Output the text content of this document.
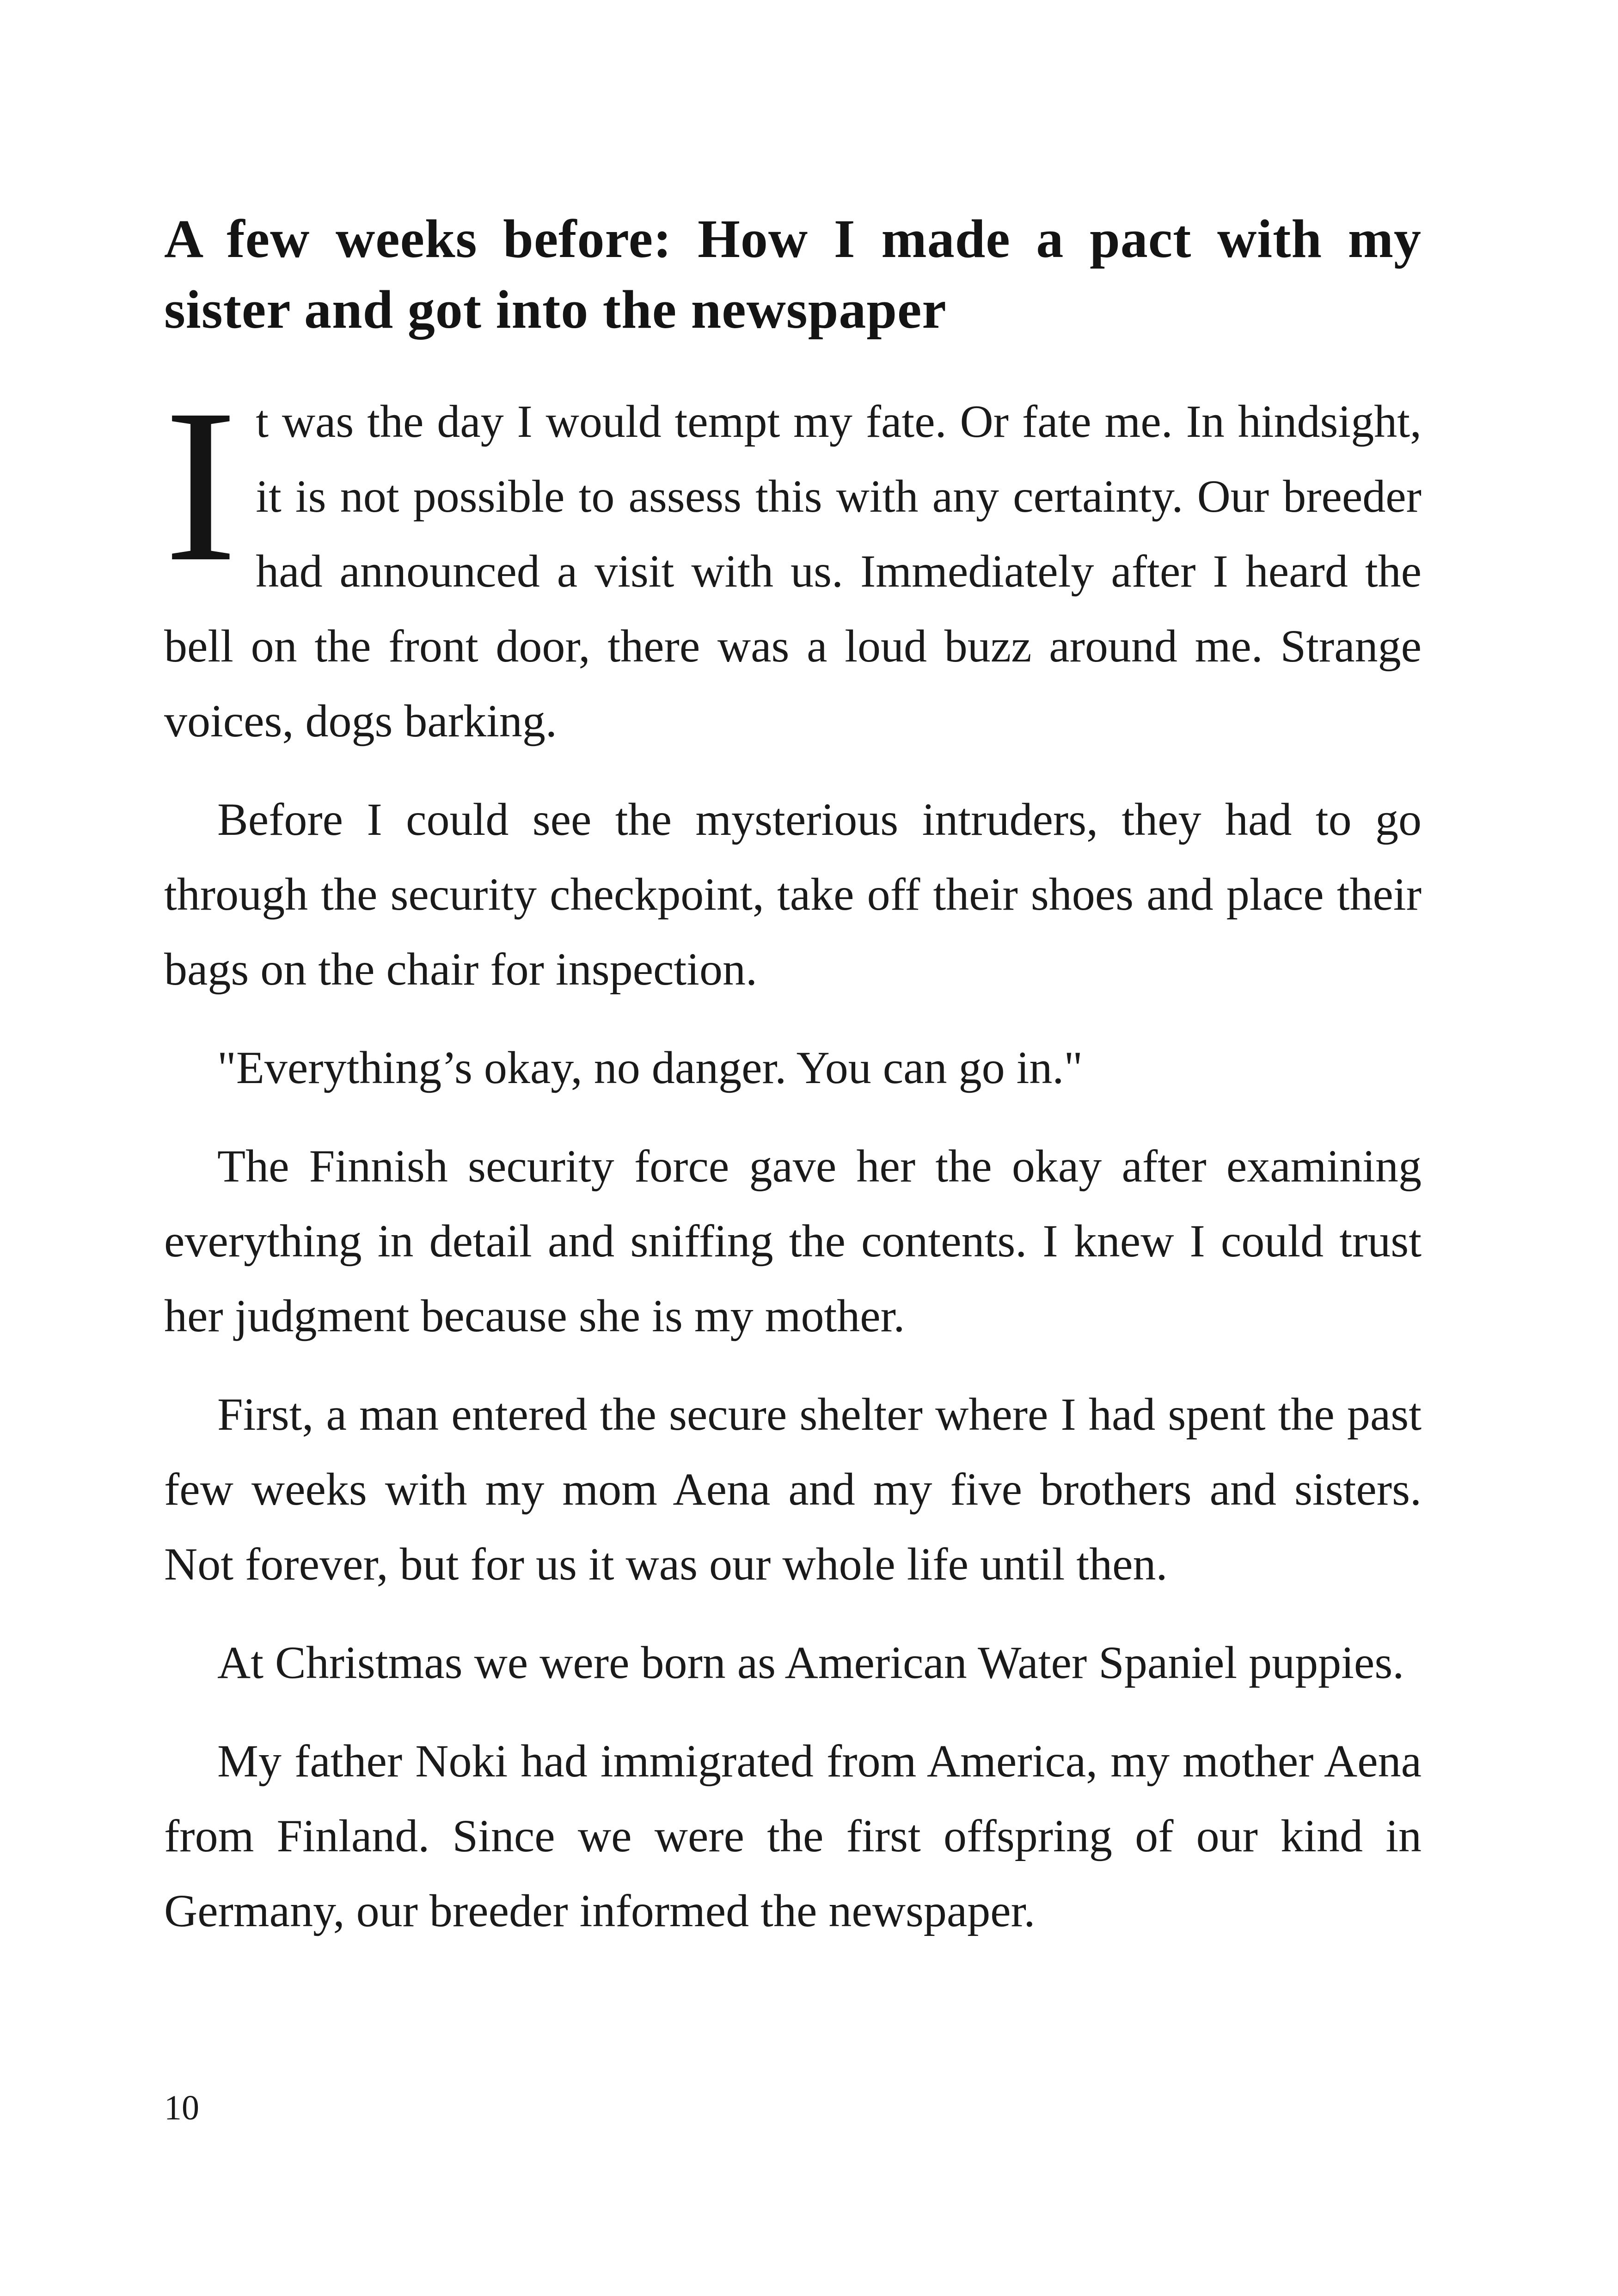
A few weeks before: How I made a pact with my sister and got into the newspaper

It was the day I would tempt my fate. Or fate me. In hindsight, it is not possible to assess this with any certainty. Our breeder had announced a visit with us. Immediately after I heard the bell on the front door, there was a loud buzz around me. Strange voices, dogs barking.

Before I could see the mysterious intruders, they had to go through the security checkpoint, take off their shoes and place their bags on the chair for inspection.

"Everything’s okay, no danger. You can go in."

The Finnish security force gave her the okay after examining everything in detail and sniffing the contents. I knew I could trust her judgment because she is my mother.

First, a man entered the secure shelter where I had spent the past few weeks with my mom Aena and my five brothers and sisters. Not forever, but for us it was our whole life until then.

At Christmas we were born as American Water Spaniel puppies.

My father Noki had immigrated from America, my mother Aena from Finland. Since we were the first offspring of our kind in Germany, our breeder informed the newspaper.

10
